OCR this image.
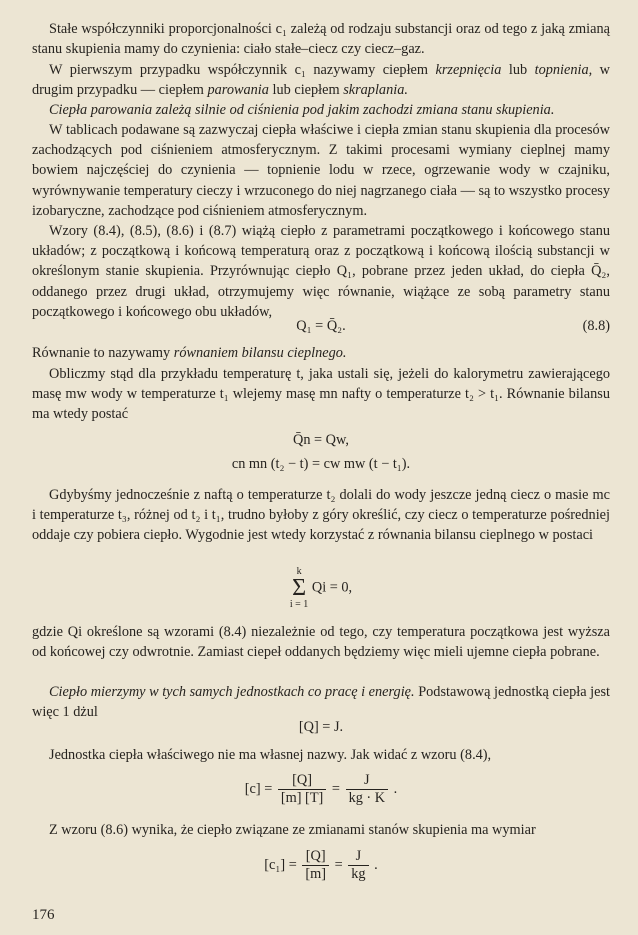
Stałe współczynniki proporcjonalności c₁ zależą od rodzaju substancji oraz od tego z jaką zmianą stanu skupienia mamy do czynienia: ciało stałe–ciecz czy ciecz–gaz.

W pierwszym przypadku współczynnik c₁ nazywamy ciepłem krzepnięcia lub topnienia, w drugim przypadku — ciepłem parowania lub ciepłem skraplania.

Ciepła parowania zależą silnie od ciśnienia pod jakim zachodzi zmiana stanu skupienia.

W tablicach podawane są zazwyczaj ciepła właściwe i ciepła zmian stanu skupienia dla procesów zachodzących pod ciśnieniem atmosferycznym. Z takimi procesami wymiany cieplnej mamy bowiem najczęściej do czynienia — topnienie lodu w rzece, ogrzewanie wody w czajniku, wyrównywanie temperatury cieczy i wrzuconego do niej nagrzanego ciała — są to wszystko procesy izobaryczne, zachodzące pod ciśnieniem atmosferycznym.

Wzory (8.4), (8.5), (8.6) i (8.7) wiążą ciepło z parametrami początkowego i końcowego stanu układów; z początkową i końcową temperaturą oraz z początkową i końcową ilością substancji w określonym stanie skupienia. Przyrównując ciepło Q₁, pobrane przez jeden układ, do ciepła Q̄₂, oddanego przez drugi układ, otrzymujemy więc równanie, wiążące ze sobą parametry stanu początkowego i końcowego obu układów,

Q₁ = Q̄₂.	(8.8)

Równanie to nazywamy równaniem bilansu cieplnego.

Obliczmy stąd dla przykładu temperaturę t, jaka ustali się, jeżeli do kalorymetru zawierającego masę mw wody w temperaturze t₁ wlejemy masę mn nafty o temperaturze t₂ > t₁. Równanie bilansu ma wtedy postać

Q̄n = Qw,
cn mn (t₂ − t) = cw mw (t − t₁).

Gdybyśmy jednocześnie z naftą o temperaturze t₂ dolali do wody jeszcze jedną ciecz o masie mc i temperaturze t₃, różnej od t₂ i t₁, trudno byłoby z góry określić, czy ciecz o temperaturze pośredniej oddaje czy pobiera ciepło. Wygodnie jest wtedy korzystać z równania bilansu cieplnego w postaci

k
Σ
i = 1 Qi = 0,

gdzie Qi określone są wzorami (8.4) niezależnie od tego, czy temperatura początkowa jest wyższa od końcowej czy odwrotnie. Zamiast ciepeł oddanych będziemy więc mieli ujemne ciepła pobrane.

Ciepło mierzymy w tych samych jednostkach co pracę i energię. Podstawową jednostką ciepła jest więc 1 dżul

[Q] = J.

Jednostka ciepła właściwego nie ma własnej nazwy. Jak widać z wzoru (8.4),

$[c] = \frac{[Q]}{[m] [T]} = \frac{J}{kg \cdot K}$ .

Z wzoru (8.6) wynika, że ciepło związane ze zmianami stanów skupienia ma wymiar

$[c_1] = \frac{[Q]}{[m]} = \frac{J}{kg}$ .
176
